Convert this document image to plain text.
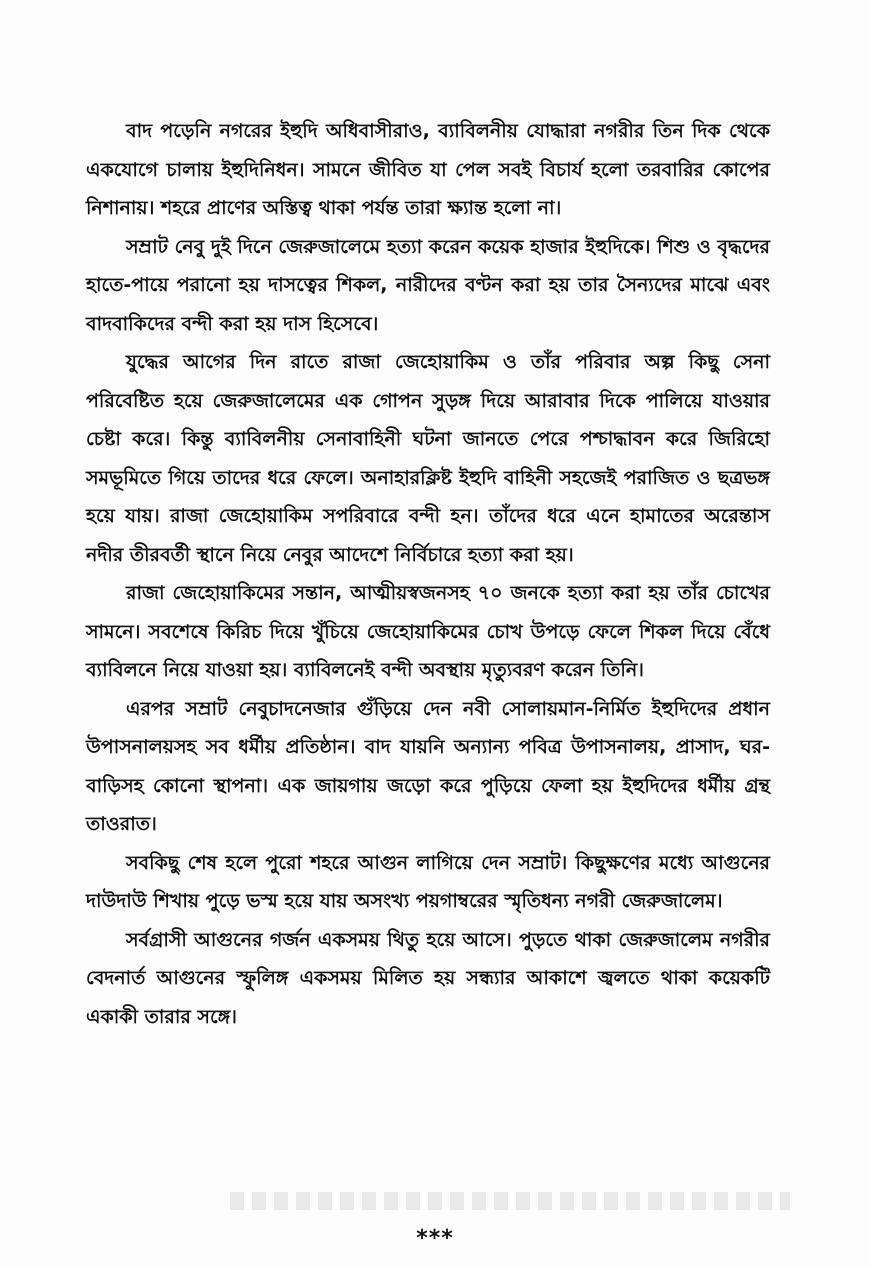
বাদ পড়েনি নগরের ইহুদি অধিবাসীরাও, ব্যাবিলনীয় যোদ্ধারা নগরীর তিন দিক থেকে একযোগে চালায় ইহুদিনিধন। সামনে জীবিত যা পেল সবই বিচার্য হলো তরবারির কোপের নিশানায়। শহরে প্রাণের অস্তিত্ব থাকা পর্যন্ত তারা ক্ষ্যান্ত হলো না।

সম্রাট নেবু দুই দিনে জেরুজালেমে হত্যা করেন কয়েক হাজার ইহুদিকে। শিশু ও বৃদ্ধদের হাতে-পায়ে পরানো হয় দাসত্বের শিকল, নারীদের বণ্টন করা হয় তার সৈন্যদের মাঝে এবং বাদবাকিদের বন্দী করা হয় দাস হিসেবে।

যুদ্ধের আগের দিন রাতে রাজা জেহোয়াকিম ও তাঁর পরিবার অল্প কিছু সেনা পরিবেষ্টিত হয়ে জেরুজালেমের এক গোপন সুড়ঙ্গ দিয়ে আরাবার দিকে পালিয়ে যাওয়ার চেষ্টা করে। কিন্তু ব্যাবিলনীয় সেনাবাহিনী ঘটনা জানতে পেরে পশ্চাদ্ধাবন করে জিরিহো সমভূমিতে গিয়ে তাদের ধরে ফেলে। অনাহারক্লিষ্ট ইহুদি বাহিনী সহজেই পরাজিত ও ছত্রভঙ্গ হয়ে যায়। রাজা জেহোয়াকিম সপরিবারে বন্দী হন। তাঁদের ধরে এনে হামাতের অরেন্তাস নদীর তীরবর্তী স্থানে নিয়ে নেবুর আদেশে নির্বিচারে হত্যা করা হয়।

রাজা জেহোয়াকিমের সন্তান, আত্মীয়স্বজনসহ ৭০ জনকে হত্যা করা হয় তাঁর চোখের সামনে। সবশেষে কিরিচ দিয়ে খুঁচিয়ে জেহোয়াকিমের চোখ উপড়ে ফেলে শিকল দিয়ে বেঁধে ব্যাবিলনে নিয়ে যাওয়া হয়। ব্যাবিলনেই বন্দী অবস্থায় মৃত্যুবরণ করেন তিনি।

এরপর সম্রাট নেবুচাদনেজার গুঁড়িয়ে দেন নবী সোলায়মান-নির্মিত ইহুদিদের প্রধান উপাসনালয়সহ সব ধর্মীয় প্রতিষ্ঠান। বাদ যায়নি অন্যান্য পবিত্র উপাসনালয়, প্রাসাদ, ঘর-বাড়িসহ কোনো স্থাপনা। এক জায়গায় জড়ো করে পুড়িয়ে ফেলা হয় ইহুদিদের ধর্মীয় গ্রন্থ তাওরাত।

সবকিছু শেষ হলে পুরো শহরে আগুন লাগিয়ে দেন সম্রাট। কিছুক্ষণের মধ্যে আগুনের দাউদাউ শিখায় পুড়ে ভস্ম হয়ে যায় অসংখ্য পয়গাম্বরের স্মৃতিধন্য নগরী জেরুজালেম।

সর্বগ্রাসী আগুনের গর্জন একসময় থিতু হয়ে আসে। পুড়তে থাকা জেরুজালেম নগরীর বেদনার্ত আগুনের স্ফুলিঙ্গ একসময় মিলিত হয় সন্ধ্যার আকাশে জ্বলতে থাকা কয়েকটি একাকী তারার সঙ্গে।

***
